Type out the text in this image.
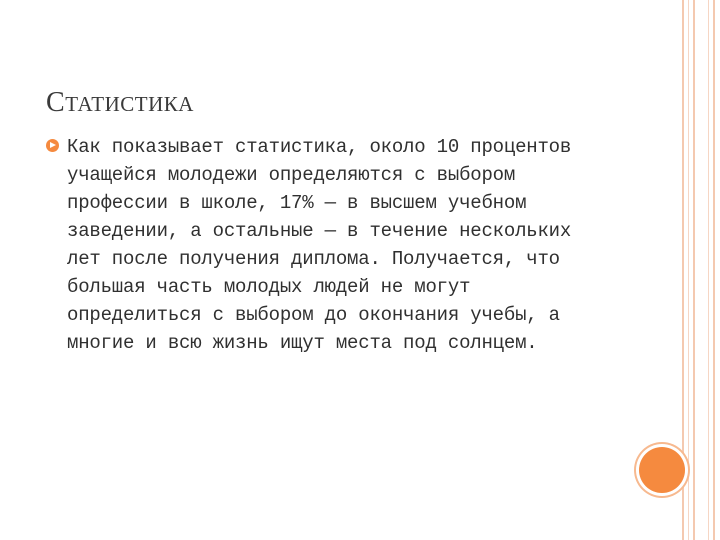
СТАТИСТИКА

Как показывает статистика, около 10 процентов учащейся молодежи определяются с выбором профессии в школе, 17% — в высшем учебном заведении, а остальные — в течение нескольких лет после получения диплома. Получается, что большая часть молодых людей не могут определиться с выбором до окончания учебы, а многие и всю жизнь ищут места под солнцем.
